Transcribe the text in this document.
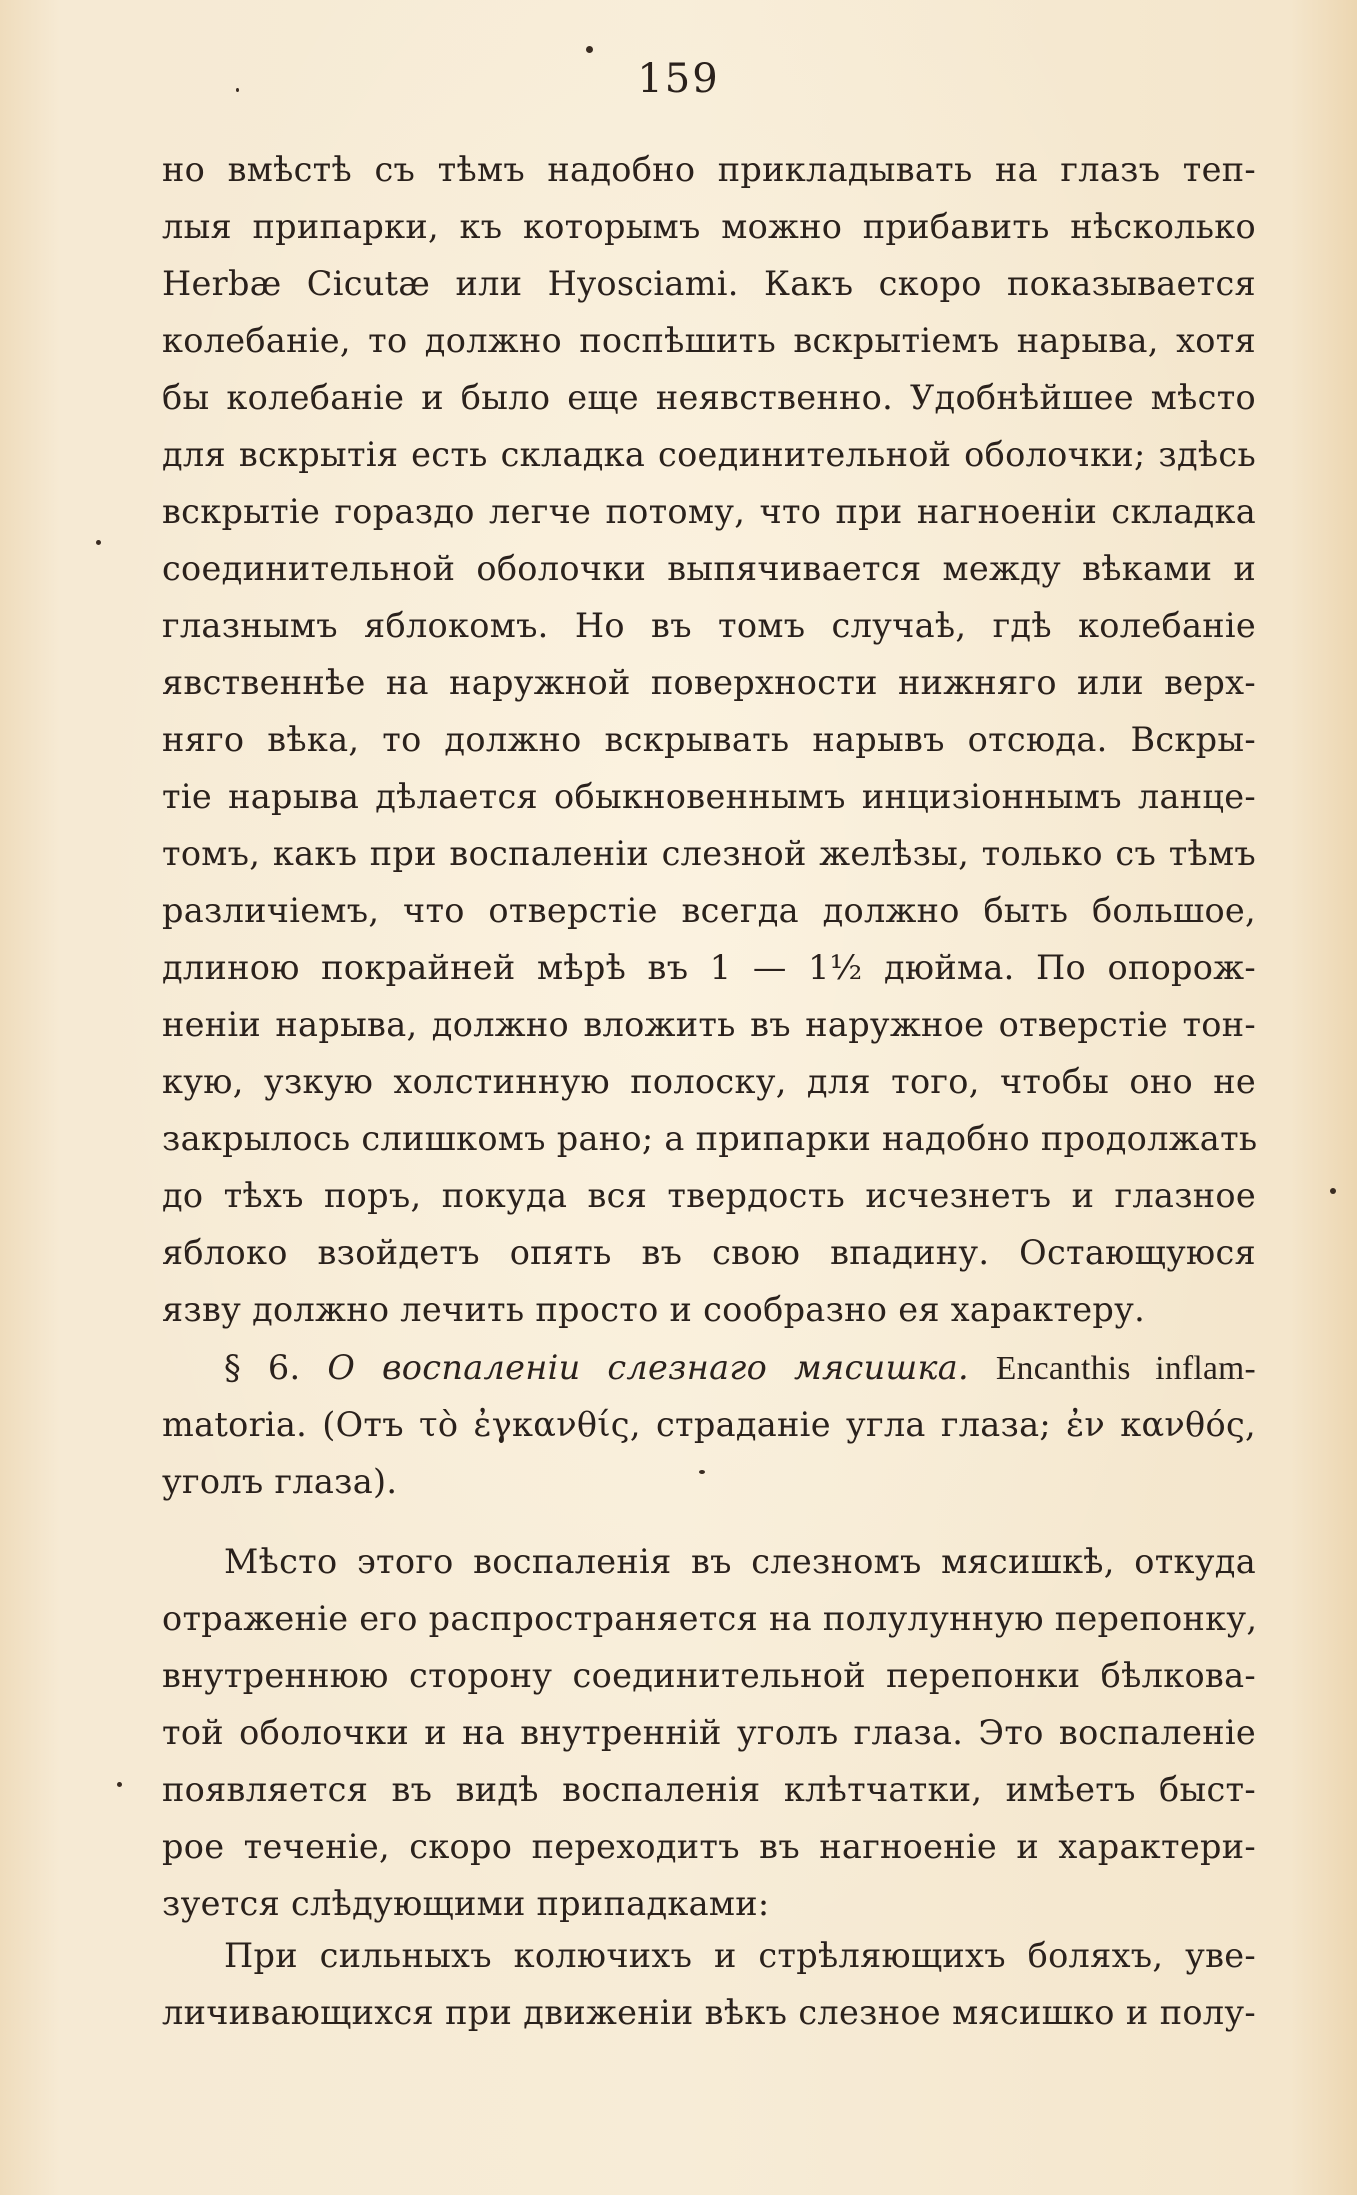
159
но вмѣстѣ съ тѣмъ надобно прикладывать на глазъ теп-
лыя припарки, къ которымъ можно прибавить нѣсколько
Herbæ Cicutæ или Hyosciami. Какъ скоро показывается
колебаніе, то должно поспѣшить вскрытіемъ нарыва, хотя
бы колебаніе и было еще неявственно. Удобнѣйшее мѣсто
для вскрытія есть складка соединительной оболочки; здѣсь
вскрытіе гораздо легче потому, что при нагноеніи складка
соединительной оболочки выпячивается между вѣками и
глазнымъ яблокомъ. Но въ томъ случаѣ, гдѣ колебаніе
явственнѣе на наружной поверхности нижняго или верх-
няго вѣка, то должно вскрывать нарывъ отсюда. Вскры-
тіе нарыва дѣлается обыкновеннымъ инцизіоннымъ ланце-
томъ, какъ при воспаленіи слезной желѣзы, только съ тѣмъ
различіемъ, что отверстіе всегда должно быть большое,
длиною покрайней мѣрѣ въ 1 — 1½ дюйма. По опорож-
неніи нарыва, должно вложить въ наружное отверстіе тон-
кую, узкую холстинную полоску, для того, чтобы оно не
закрылось слишкомъ рано; а припарки надобно продолжать
до тѣхъ поръ, покуда вся твердость исчезнетъ и глазное
яблоко взойдетъ опять въ свою впадину. Остающуюся
язву должно лечить просто и сообразно ея характеру.
§ 6. О воспаленіи слезнаго мясишка. Encanthis inflam-
matoria. (Отъ τὸ ἐγκανθίς, страданіе угла глаза; ἐν κανθός,
уголъ глаза).
Мѣсто этого воспаленія въ слезномъ мясишкѣ, откуда
отраженіе его распространяется на полулунную перепонку,
внутреннюю сторону соединительной перепонки бѣлкова-
той оболочки и на внутренній уголъ глаза. Это воспаленіе
появляется въ видѣ воспаленія клѣтчатки, имѣетъ быст-
рое теченіе, скоро переходитъ въ нагноеніе и характери-
зуется слѣдующими припадками:
При сильныхъ колючихъ и стрѣляющихъ боляхъ, уве-
личивающихся при движеніи вѣкъ слезное мясишко и полу-
